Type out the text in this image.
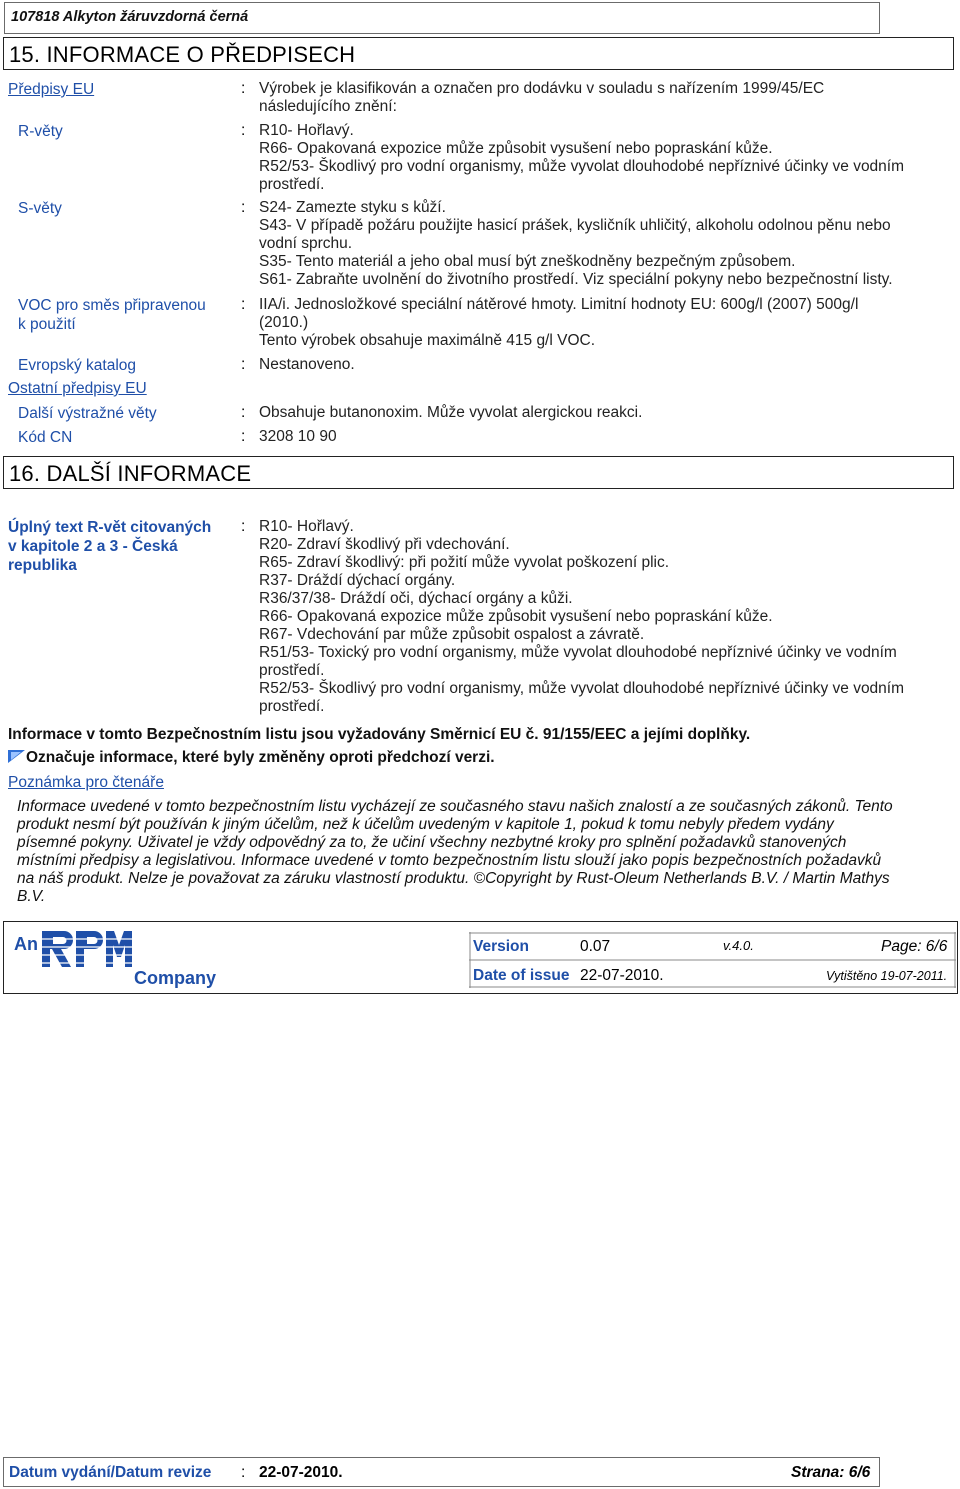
107818 Alkyton žáruvzdorná černá
15. INFORMACE O PŘEDPISECH
Předpisy EU	: Výrobek je klasifikován a označen pro dodávku v souladu s nařízením 1999/45/EC
následujícího znění:
R-věty	: R10- Hořlavý.
R66- Opakovaná expozice může způsobit vysušení nebo popraskání kůže.
R52/53- Škodlivý pro vodní organismy, může vyvolat dlouhodobé nepříznivé účinky ve vodním
prostředí.
S-věty	: S24- Zamezte styku s kůží.
S43- V případě požáru použijte hasicí prášek, kysličník uhličitý, alkoholu odolnou pěnu nebo
vodní sprchu.
S35- Tento materiál a jeho obal musí být zneškodněny bezpečným způsobem.
S61- Zabraňte uvolnění do životního prostředí. Viz speciální pokyny nebo bezpečnostní listy.
VOC pro směs připravenou
k použití
: IIA/i. Jednosložkové speciální nátěrové hmoty. Limitní hodnoty EU: 600g/l (2007) 500g/l
(2010.)
Tento výrobek obsahuje maximálně 415 g/l VOC.
Evropský katalog	: Nestanoveno.
Ostatní předpisy EU
Další výstražné věty	: Obsahuje butanonoxim. Může vyvolat alergickou reakci.
Kód CN	: 3208 10 90
16. DALŠÍ INFORMACE
Úplný text R-vět citovaných
v kapitole 2 a 3 - Česká
republika
: R10- Hořlavý.
R20- Zdraví škodlivý při vdechování.
R65- Zdraví škodlivý: při požití může vyvolat poškození plic.
R37- Dráždí dýchací orgány.
R36/37/38- Dráždí oči, dýchací orgány a kůži.
R66- Opakovaná expozice může způsobit vysušení nebo popraskání kůže.
R67- Vdechování par může způsobit ospalost a závratě.
R51/53- Toxický pro vodní organismy, může vyvolat dlouhodobé nepříznivé účinky ve vodním
prostředí.
R52/53- Škodlivý pro vodní organismy, může vyvolat dlouhodobé nepříznivé účinky ve vodním
prostředí.
Informace v tomto Bezpečnostním listu jsou vyžadovány Směrnicí EU č. 91/155/EEC a jejími doplňky.
Označuje informace, které byly změněny oproti předchozí verzi.
Poznámka pro čtenáře
Informace uvedené v tomto bezpečnostním listu vycházejí ze současného stavu našich znalostí a ze současných zákonů. Tento
produkt nesmí být používán k jiným účelům, než k účelům uvedeným v kapitole 1, pokud k tomu nebyly předem vydány
písemné pokyny. Uživatel je vždy odpovědný za to, že učiní všechny nezbytné kroky pro splnění požadavků stanovených
místními předpisy a legislativou. Informace uvedené v tomto bezpečnostním listu slouží jako popis bezpečnostních požadavků
na náš produkt. Nelze je považovat za záruku vlastností produktu. ©Copyright by Rust-Oleum Netherlands B.V. / Martin Mathys
B.V.
An
Company
Version	0.07	v.4.0.	Page: 6/6
Date of issue 22-07-2010.	Vytištěno 19-07-2011.
Datum vydání/Datum revize : 22-07-2010.	Strana: 6/6
